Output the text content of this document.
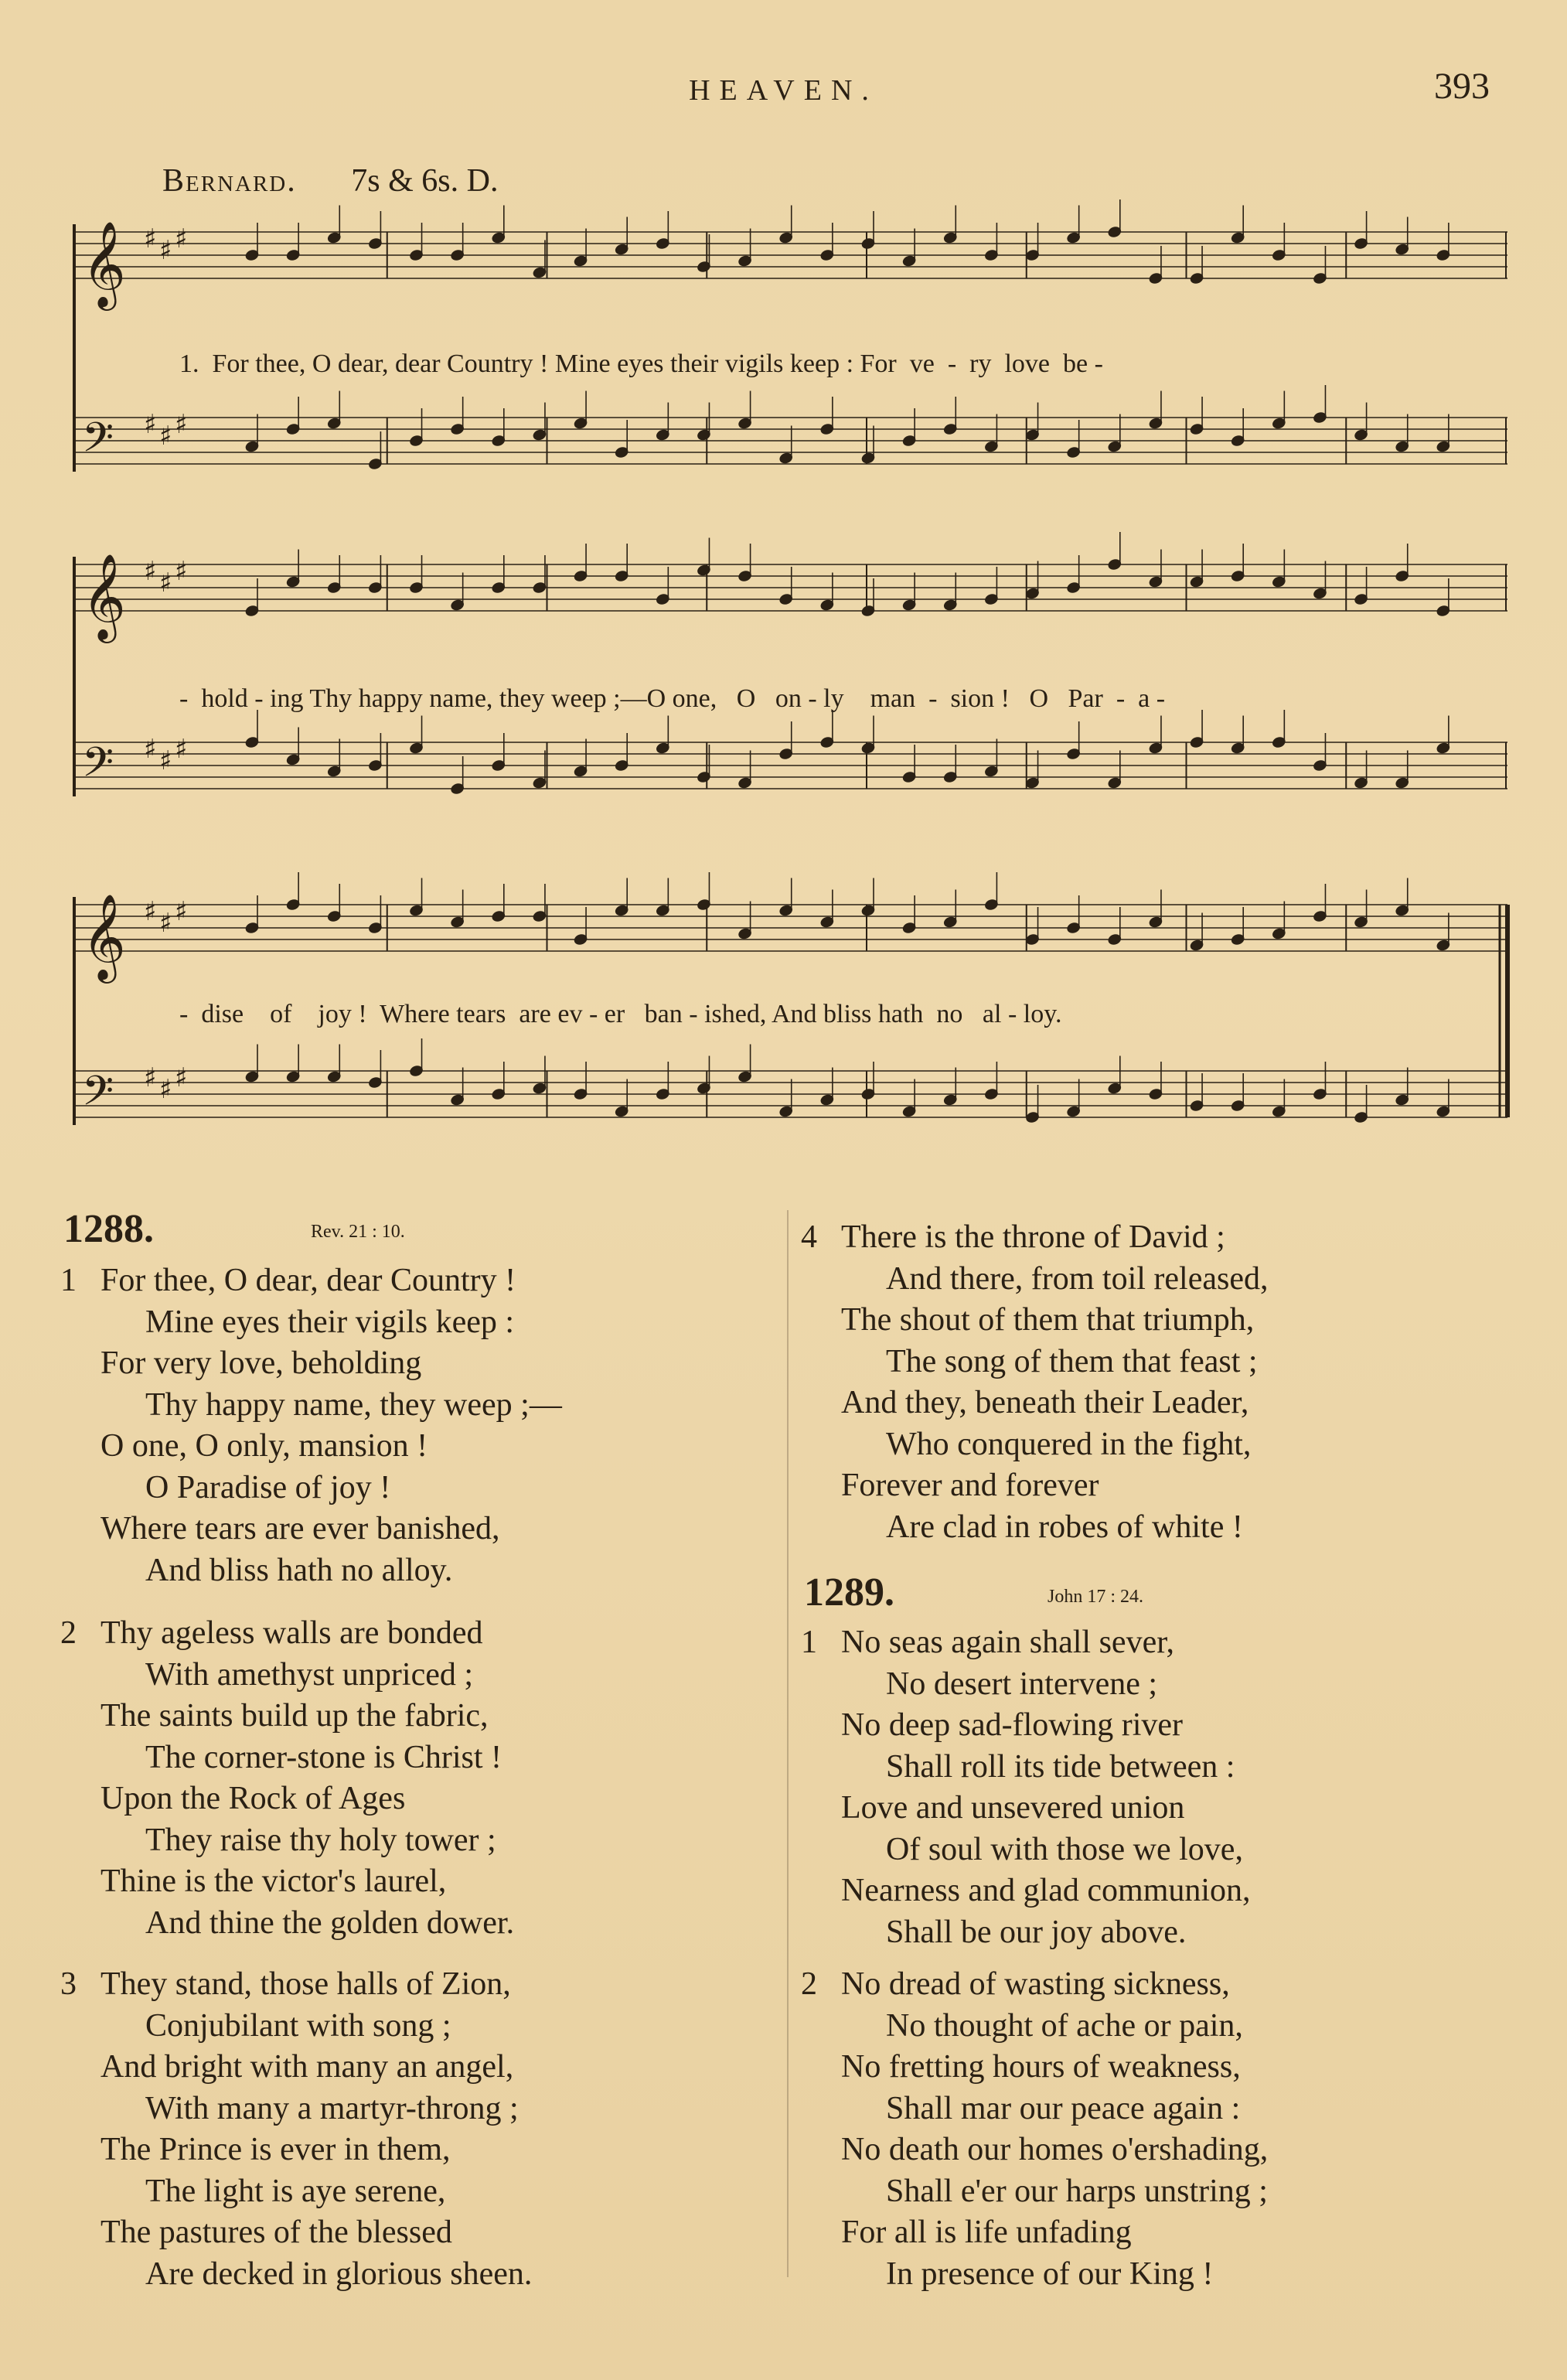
HEAVEN.	393
Bernard. 7s & 6s. D.
𝄞 ♯ ♯ ♯
𝄢 ♯ ♯ ♯
𝄞 ♯ ♯ ♯
𝄢 ♯ ♯ ♯
𝄞 ♯ ♯ ♯
𝄢 ♯ ♯ ♯
1.  For thee, O dear, dear Country ! Mine eyes their vigils keep : For  ve  -  ry  love  be -
-  hold - ing Thy happy name, they weep ;—O one,   O   on - ly    man  -  sion !   O   Par  -  a -
-  dise    of    joy !  Where tears  are ev - er   ban - ished, And bliss hath  no   al - loy.
1288.	Rev. 21 : 10.
1 For thee, O dear, dear Country !
Mine eyes their vigils keep :
For very love, beholding
Thy happy name, they weep ;—
O one, O only, mansion !
O Paradise of joy !
Where tears are ever banished,
And bliss hath no alloy.
2 Thy ageless walls are bonded
With amethyst unpriced ;
The saints build up the fabric,
The corner-stone is Christ !
Upon the Rock of Ages
They raise thy holy tower ;
Thine is the victor's laurel,
And thine the golden dower.
3 They stand, those halls of Zion,
Conjubilant with song ;
And bright with many an angel,
With many a martyr-throng ;
The Prince is ever in them,
The light is aye serene,
The pastures of the blessed
Are decked in glorious sheen.
4 There is the throne of David ;
And there, from toil released,
The shout of them that triumph,
The song of them that feast ;
And they, beneath their Leader,
Who conquered in the fight,
Forever and forever
Are clad in robes of white !
1289.	John 17 : 24.
1 No seas again shall sever,
No desert intervene ;
No deep sad-flowing river
Shall roll its tide between :
Love and unsevered union
Of soul with those we love,
Nearness and glad communion,
Shall be our joy above.
2 No dread of wasting sickness,
No thought of ache or pain,
No fretting hours of weakness,
Shall mar our peace again :
No death our homes o'ershading,
Shall e'er our harps unstring ;
For all is life unfading
In presence of our King !
